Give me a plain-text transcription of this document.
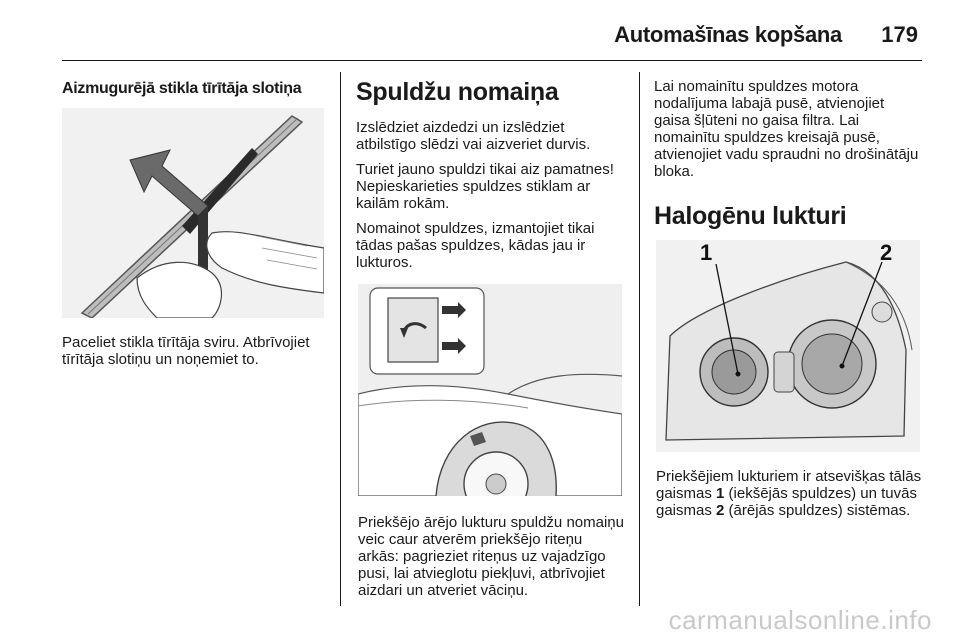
Automašīnas kopšana 179
Aizmugurējā stikla tīrītāja slotiņa

Paceliet stikla tīrītāja sviru. Atbrīvojiet tīrītāja slotiņu un noņemiet to.

Spuldžu nomaiņa

Izslēdziet aizdedzi un izslēdziet atbilstīgo slēdzi vai aizveriet durvis.

Turiet jauno spuldzi tikai aiz pamatnes! Nepieskarieties spuldzes stiklam ar kailām rokām.

Nomainot spuldzes, izmantojiet tikai tādas pašas spuldzes, kādas jau ir lukturos.

Priekšējo ārējo lukturu spuldžu nomaiņu veic caur atverēm priekšējo riteņu arkās: pagrieziet riteņus uz vajadzīgo pusi, lai atvieglotu piekļuvi, atbrīvojiet aizdari un atveriet vāciņu.

Lai nomainītu spuldzes motora nodalījuma labajā pusē, atvienojiet gaisa šļūteni no gaisa filtra. Lai nomainītu spuldzes kreisajā pusē, atvienojiet vadu spraudni no drošinātāju bloka.

Halogēnu lukturi
1	2

Priekšējiem lukturiem ir atsevišķas tālās gaismas 1 (iekšējās spuldzes) un tuvās gaismas 2 (ārējās spuldzes) sistēmas.

carmanualsonline.info
